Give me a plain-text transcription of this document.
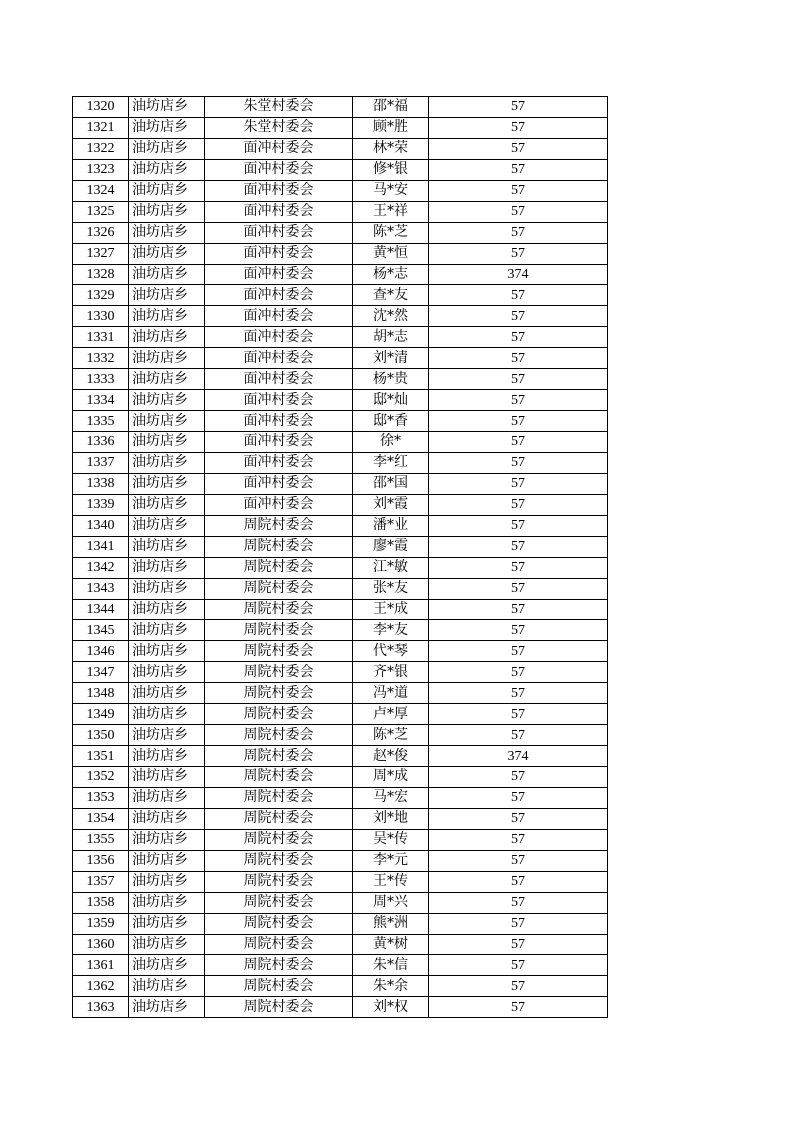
1320	油坊店乡	朱堂村委会	邵*福	57
1321	油坊店乡	朱堂村委会	顾*胜	57
1322	油坊店乡	面冲村委会	林*荣	57
1323	油坊店乡	面冲村委会	修*银	57
1324	油坊店乡	面冲村委会	马*安	57
1325	油坊店乡	面冲村委会	王*祥	57
1326	油坊店乡	面冲村委会	陈*芝	57
1327	油坊店乡	面冲村委会	黄*恒	57
1328	油坊店乡	面冲村委会	杨*志	374
1329	油坊店乡	面冲村委会	查*友	57
1330	油坊店乡	面冲村委会	沈*然	57
1331	油坊店乡	面冲村委会	胡*志	57
1332	油坊店乡	面冲村委会	刘*清	57
1333	油坊店乡	面冲村委会	杨*贵	57
1334	油坊店乡	面冲村委会	邸*灿	57
1335	油坊店乡	面冲村委会	邸*香	57
1336	油坊店乡	面冲村委会	徐*	57
1337	油坊店乡	面冲村委会	李*红	57
1338	油坊店乡	面冲村委会	邵*国	57
1339	油坊店乡	面冲村委会	刘*霞	57
1340	油坊店乡	周院村委会	潘*业	57
1341	油坊店乡	周院村委会	廖*霞	57
1342	油坊店乡	周院村委会	江*敏	57
1343	油坊店乡	周院村委会	张*友	57
1344	油坊店乡	周院村委会	王*成	57
1345	油坊店乡	周院村委会	李*友	57
1346	油坊店乡	周院村委会	代*琴	57
1347	油坊店乡	周院村委会	齐*银	57
1348	油坊店乡	周院村委会	冯*道	57
1349	油坊店乡	周院村委会	卢*厚	57
1350	油坊店乡	周院村委会	陈*芝	57
1351	油坊店乡	周院村委会	赵*俊	374
1352	油坊店乡	周院村委会	周*成	57
1353	油坊店乡	周院村委会	马*宏	57
1354	油坊店乡	周院村委会	刘*地	57
1355	油坊店乡	周院村委会	吴*传	57
1356	油坊店乡	周院村委会	李*元	57
1357	油坊店乡	周院村委会	王*传	57
1358	油坊店乡	周院村委会	周*兴	57
1359	油坊店乡	周院村委会	熊*洲	57
1360	油坊店乡	周院村委会	黄*树	57
1361	油坊店乡	周院村委会	朱*信	57
1362	油坊店乡	周院村委会	朱*余	57
1363	油坊店乡	周院村委会	刘*权	57
